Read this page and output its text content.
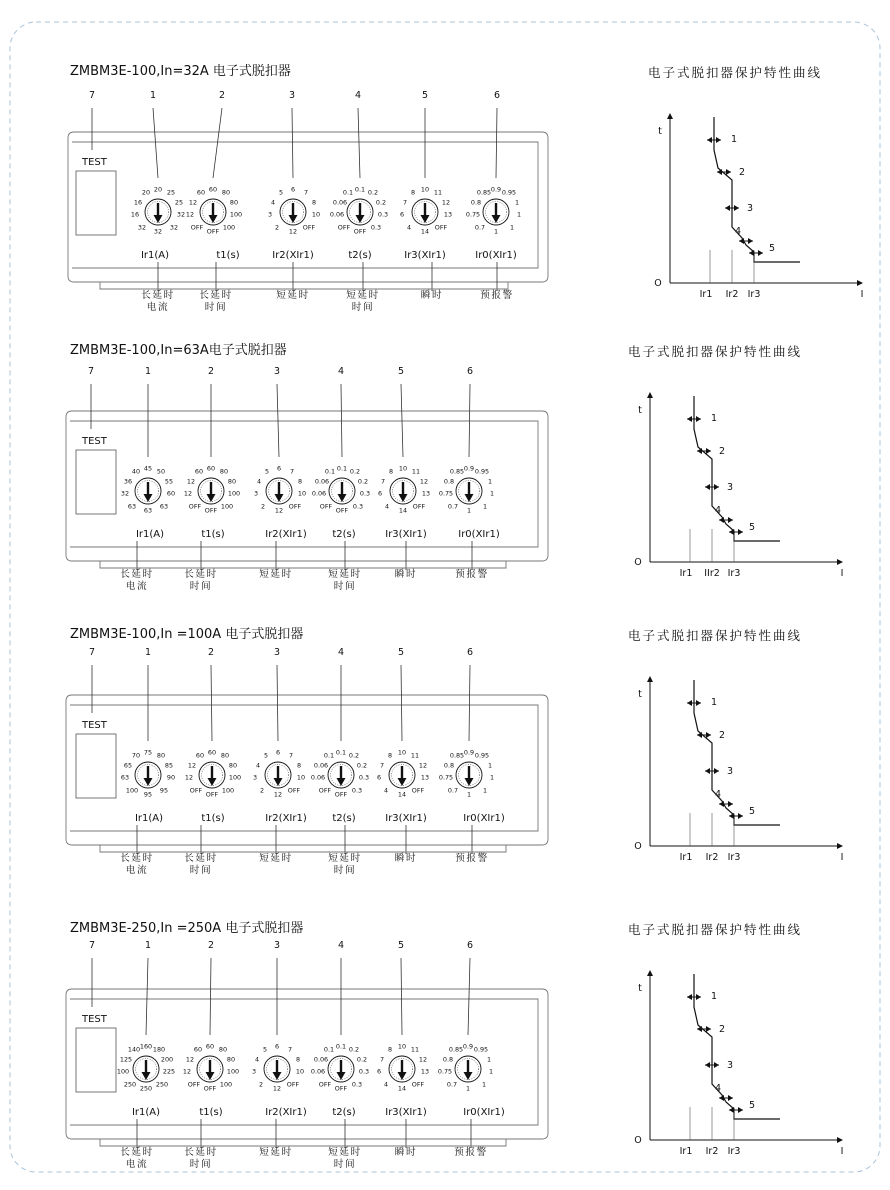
ZMBM3E-100,In=32A 电子式脱扣器
7	1	2	3	4	5	6
TEST
20 20 25
16	25
16	32
32 32 32
Ir1(A)
长延时
电流
60 60 80
12	80
12	100
OFF OFF 100
t1(s)
长延时
时间
5 6 7
4	8
3	10
2 12 OFF
Ir2(XIr1)
短延时
0.1 0.1 0.2
0.06	0.2
0.06	0.3
OFF OFF 0.3
t2(s)
短延时
时间
8 10 11
7	12
6	13
4 14 OFF
Ir3(XIr1)
瞬时
0.85 0.9 0.95
0.8	1
0.75	1
0.7 1 1
Ir0(XIr1)
预报警
电子式脱扣器保护特性曲线
t
I
O
Ir1 Ir2 Ir3
1
2
3
4
5
ZMBM3E-100,In=63A电子式脱扣器
7	1	2	3	4	5	6
TEST
40 45 50
36	55
32	60
63 63 63
Ir1(A)
长延时
电流
60 60 80
12	80
12	100
OFF OFF 100
t1(s)
长延时
时间
5 6 7
4	8
3	10
2 12 OFF
Ir2(XIr1)
短延时
0.1 0.1 0.2
0.06	0.2
0.06	0.3
OFF OFF 0.3
t2(s)
短延时
时间
8 10 11
7	12
6	13
4 14 OFF
Ir3(XIr1)
瞬时
0.85 0.9 0.95
0.8	1
0.75	1
0.7 1 1
Ir0(XIr1)
预报警
电子式脱扣器保护特性曲线
t
I
O
Ir1 IIr2 Ir3
1
2
3
4
5
ZMBM3E-100,In =100A 电子式脱扣器
7	1	2	3	4	5	6
TEST
70 75 80
65	85
63	90
100 95 95
Ir1(A)
长延时
电流
60 60 80
12	80
12	100
OFF OFF 100
t1(s)
长延时
时间
5 6 7
4	8
3	10
2 12 OFF
Ir2(XIr1)
短延时
0.1 0.1 0.2
0.06	0.2
0.06	0.3
OFF OFF 0.3
t2(s)
短延时
时间
8 10 11
7	12
6	13
4 14 OFF
Ir3(XIr1)
瞬时
0.85 0.9 0.95
0.8	1
0.75	1
0.7 1 1
Ir0(XIr1)
预报警
电子式脱扣器保护特性曲线
t
I
O
Ir1 Ir2 Ir3
1
2
3
4
5
ZMBM3E-250,In =250A 电子式脱扣器
7	1	2	3	4	5	6
TEST
140 160 180
125	200
100	225
250 250 250
Ir1(A)
长延时
电流
60 60 80
12	80
12	100
OFF OFF 100
t1(s)
长延时
时间
5 6 7
4	8
3	10
2 12 OFF
Ir2(XIr1)
短延时
0.1 0.1 0.2
0.06	0.2
0.06	0.3
OFF OFF 0.3
t2(s)
短延时
时间
8 10 11
7	12
6	13
4 14 OFF
Ir3(XIr1)
瞬时
0.85 0.9 0.95
0.8	1
0.75	1
0.7 1 1
Ir0(XIr1)
预报警
电子式脱扣器保护特性曲线
t
I
O
Ir1 Ir2 Ir3
1
2
3
4
5
